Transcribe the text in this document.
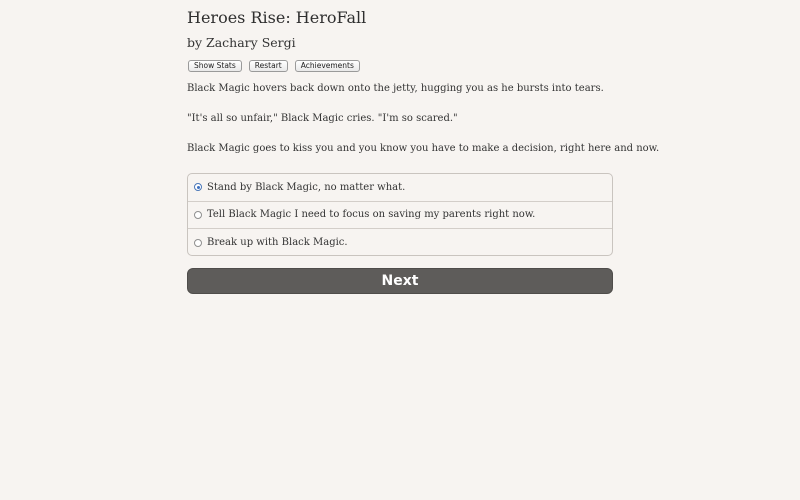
Heroes Rise: HeroFall
by Zachary Sergi
Show Stats	Restart	Achievements
Black Magic hovers back down onto the jetty, hugging you as he bursts into tears.
"It's all so unfair," Black Magic cries. "I'm so scared."
Black Magic goes to kiss you and you know you have to make a decision, right here and now.
Stand by Black Magic, no matter what.
Tell Black Magic I need to focus on saving my parents right now.
Break up with Black Magic.
Next
